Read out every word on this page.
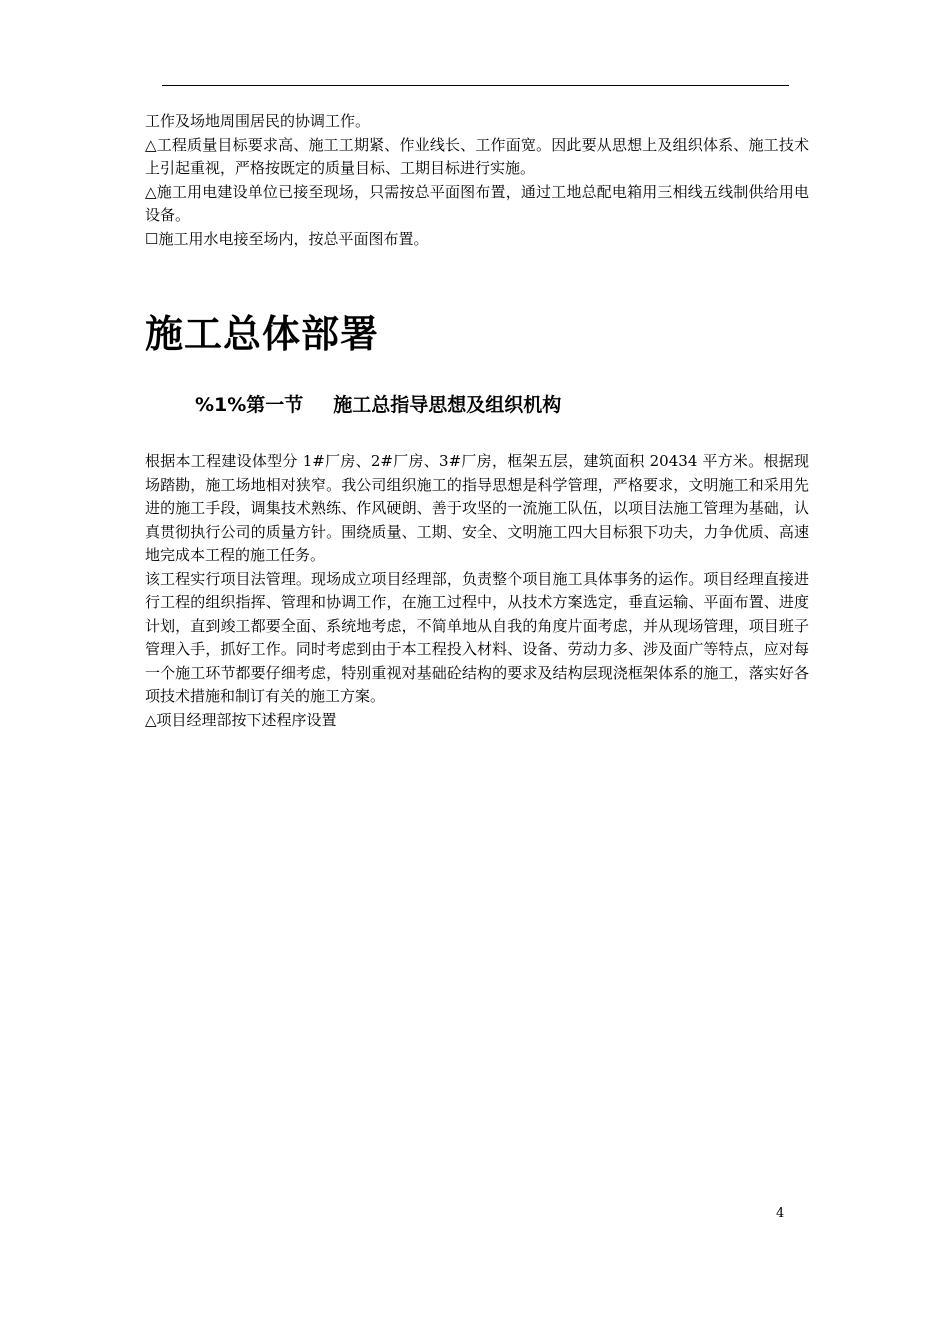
工作及场地周围居民的协调工作。
△工程质量目标要求高、施工工期紧、作业线长、工作面宽。因此要从思想上及组织体系、施工技术上引起重视，严格按既定的质量目标、工期目标进行实施。
△施工用电建设单位已接至现场，只需按总平面图布置，通过工地总配电箱用三相线五线制供给用电设备。
☐施工用水电接至场内，按总平面图布置。
施工总体部署
%1%第一节 施工总指导思想及组织机构
根据本工程建设体型分 1#厂房、2#厂房、3#厂房，框架五层，建筑面积 20434 平方米。根据现场踏勘，施工场地相对狭窄。我公司组织施工的指导思想是科学管理，严格要求，文明施工和采用先进的施工手段，调集技术熟练、作风硬朗、善于攻坚的一流施工队伍，以项目法施工管理为基础，认真贯彻执行公司的质量方针。围绕质量、工期、安全、文明施工四大目标狠下功夫，力争优质、高速地完成本工程的施工任务。
该工程实行项目法管理。现场成立项目经理部，负责整个项目施工具体事务的运作。项目经理直接进行工程的组织指挥、管理和协调工作，在施工过程中，从技术方案选定，垂直运输、平面布置、进度计划，直到竣工都要全面、系统地考虑，不简单地从自我的角度片面考虑，并从现场管理，项目班子管理入手，抓好工作。同时考虑到由于本工程投入材料、设备、劳动力多、涉及面广等特点，应对每一个施工环节都要仔细考虑，特别重视对基础砼结构的要求及结构层现浇框架体系的施工，落实好各项技术措施和制订有关的施工方案。
△项目经理部按下述程序设置
4
